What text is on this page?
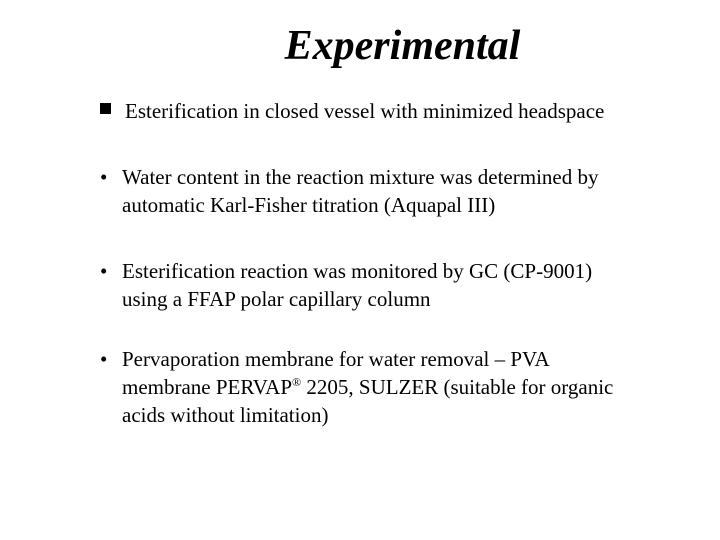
Experimental
Esterification in closed vessel with minimized headspace
• Water content in the reaction mixture was determined by
automatic Karl-Fisher titration (Aquapal III)
• Esterification reaction was monitored by GC (CP-9001)
using a FFAP polar capillary column
• Pervaporation membrane for water removal – PVA
membrane PERVAP® 2205, SULZER (suitable for organic
acids without limitation)
